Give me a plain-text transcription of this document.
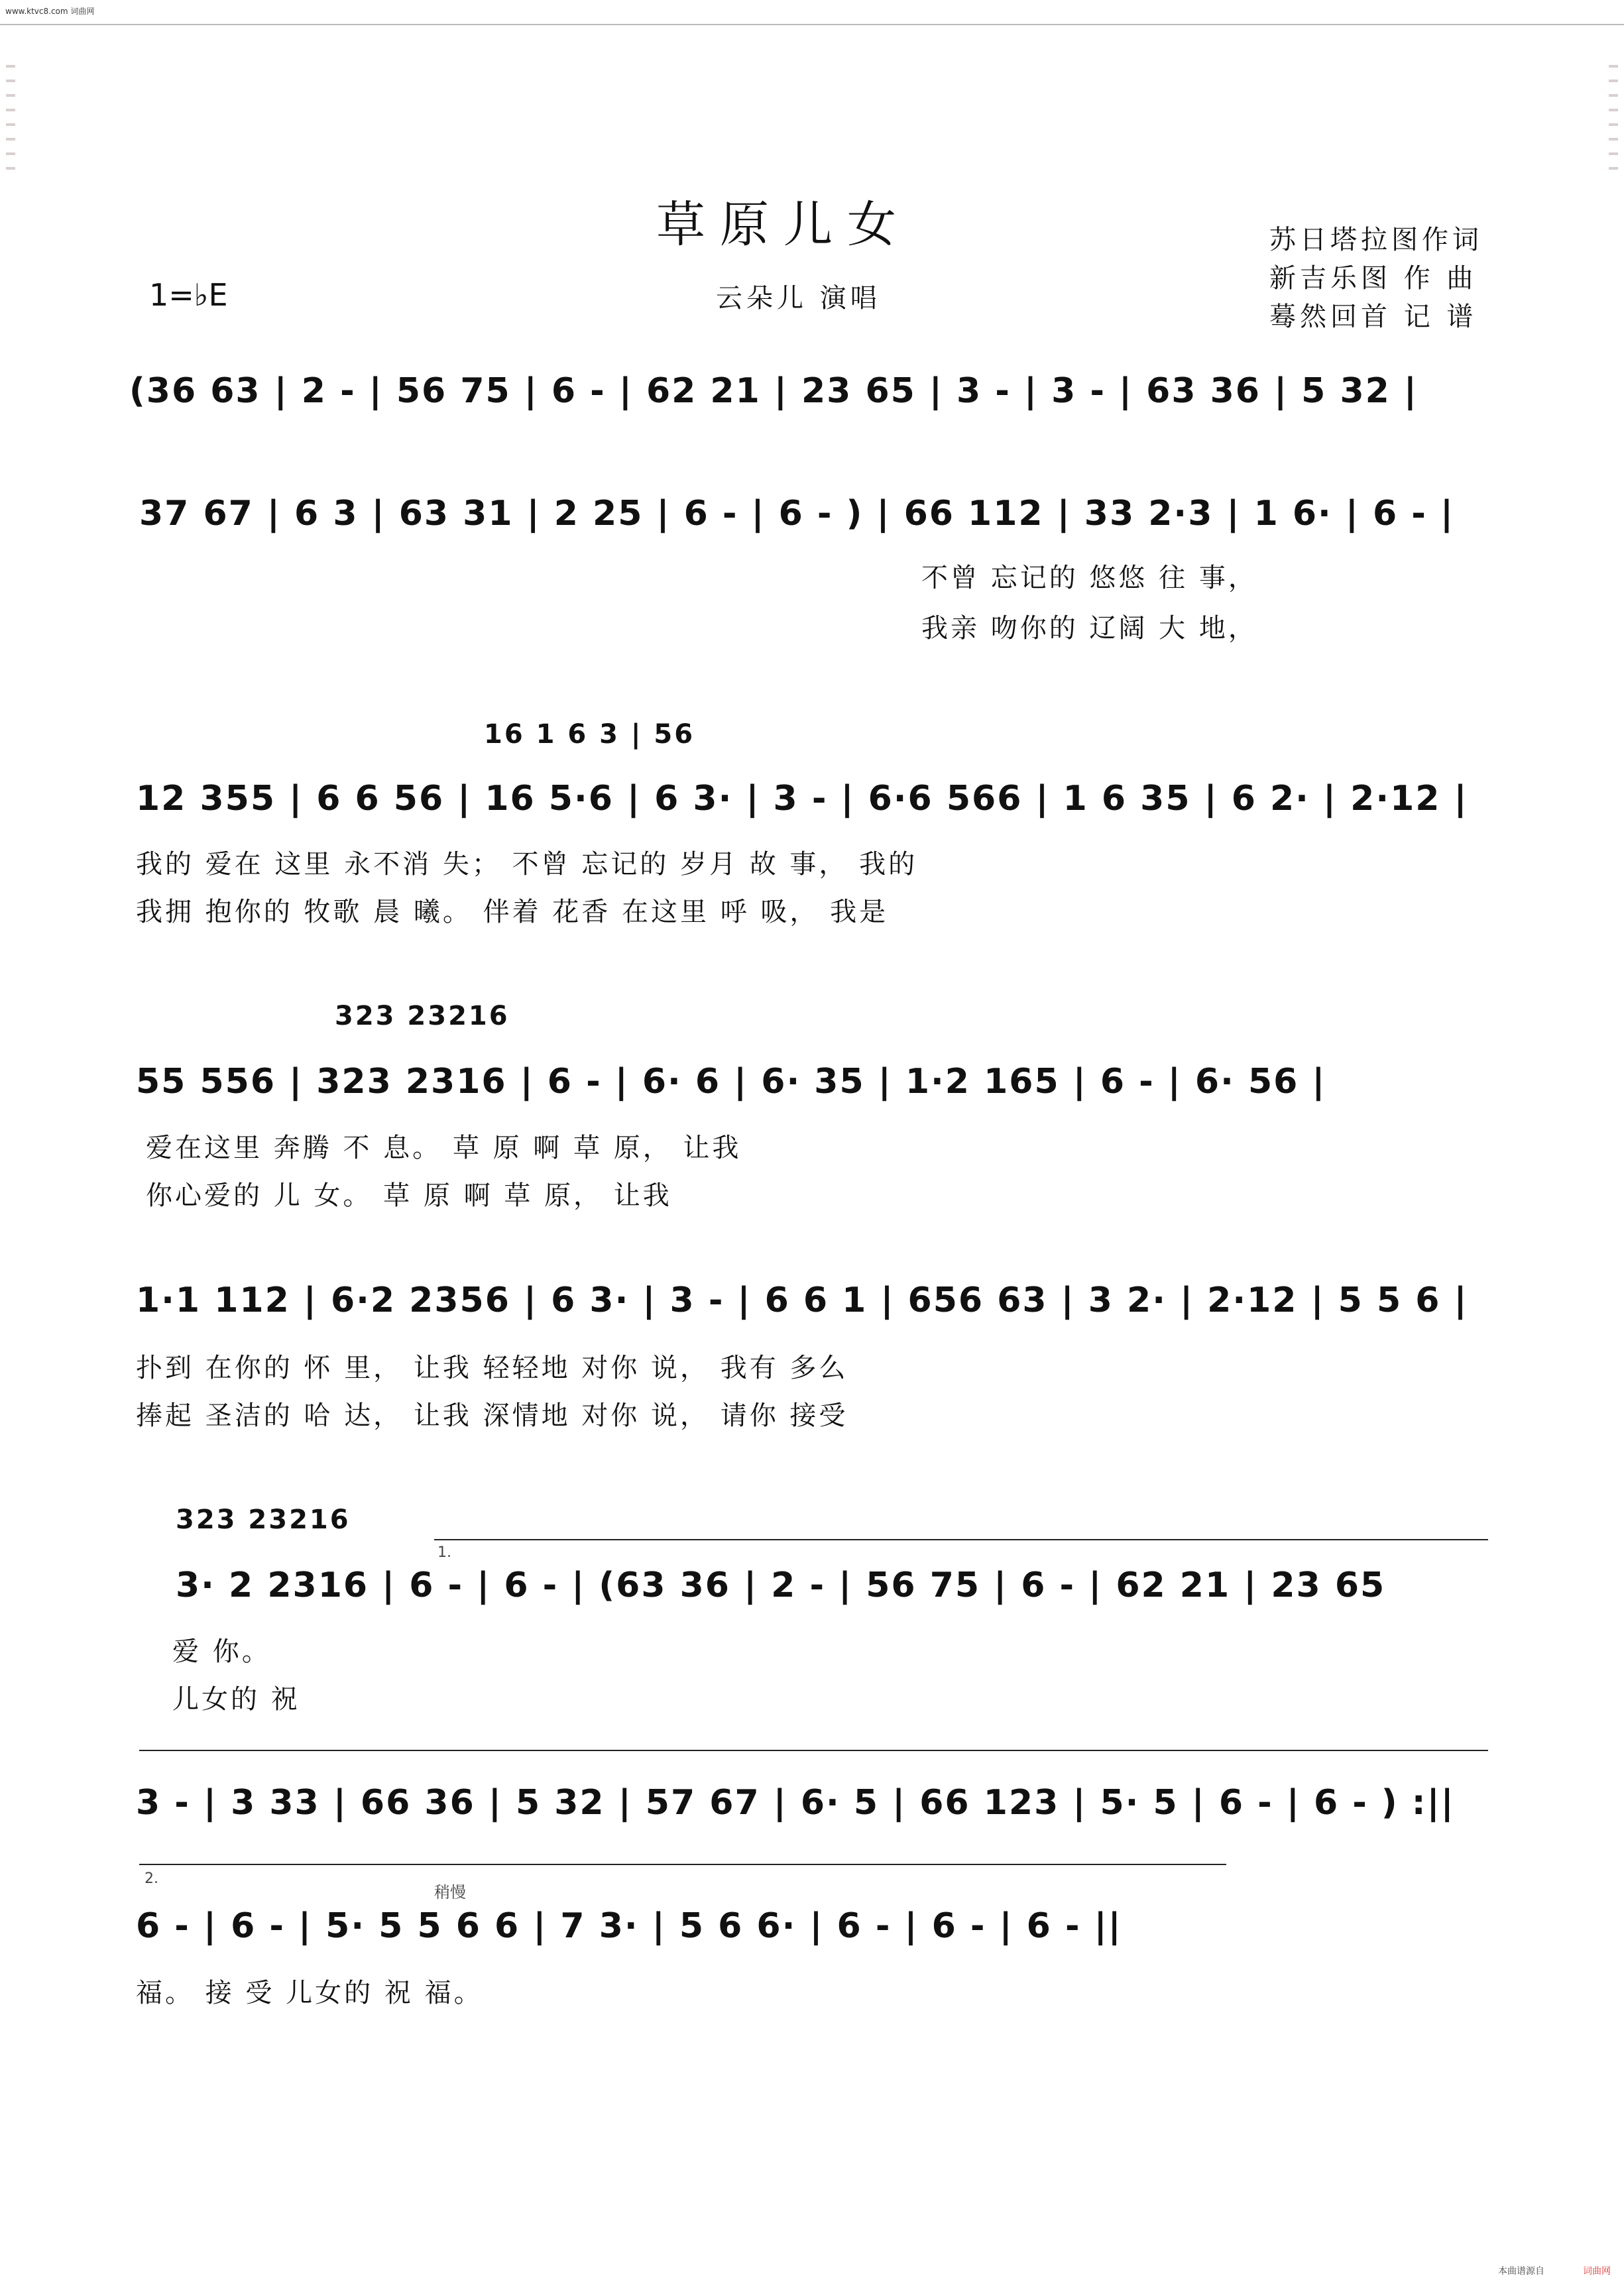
www.ktvc8.com 词曲网
草原儿女
1=♭E	云朵儿 演唱
苏日塔拉图作词
新吉乐图 作 曲
蓦然回首 记 谱
(36 63 | 2 - | 56 75 | 6 - | 62 21 | 23 65 | 3 - | 3 - | 63 36 | 5 32 |
37 67 | 6 3 | 63 31 | 2 25 | 6 - | 6 - ) | 66 112 | 33 2·3 | 1 6· | 6 - |
不曾 忘记的 悠悠 往 事，
我亲 吻你的 辽阔 大 地，
16 1 6 3 | 56
12 355 | 6 6 56 | 16 5·6 | 6 3· | 3 - | 6·6 566 | 1 6 35 | 6 2· | 2·12 |
我的 爱在 这里 永不消 失； 不曾 忘记的 岁月 故 事， 我的
我拥 抱你的 牧歌 晨 曦。 伴着 花香 在这里 呼 吸， 我是
323 23216
55 556 | 323 2316 | 6 - | 6· 6 | 6· 35 | 1·2 165 | 6 - | 6· 56 |
爱在这里 奔腾 不 息。 草 原 啊 草 原， 让我
你心爱的 儿 女。 草 原 啊 草 原， 让我
1·1 112 | 6·2 2356 | 6 3· | 3 - | 6 6 1 | 656 63 | 3 2· | 2·12 | 5 5 6 |
扑到 在你的 怀 里， 让我 轻轻地 对你 说， 我有 多么
捧起 圣洁的 哈 达， 让我 深情地 对你 说， 请你 接受
323 23216
1.
3· 2 2316 | 6 - | 6 - | (63 36 | 2 - | 56 75 | 6 - | 62 21 | 23 65
爱 你。
儿女的 祝
3 - | 3 33 | 66 36 | 5 32 | 57 67 | 6· 5 | 66 123 | 5· 5 | 6 - | 6 - ) :||
2.
稍慢
6 - | 6 - | 5· 5 5 6 6 | 7 3· | 5 6 6· | 6 - | 6 - | 6 - ||
福。 接 受 儿女的 祝 福。
本曲谱源自	词曲网
